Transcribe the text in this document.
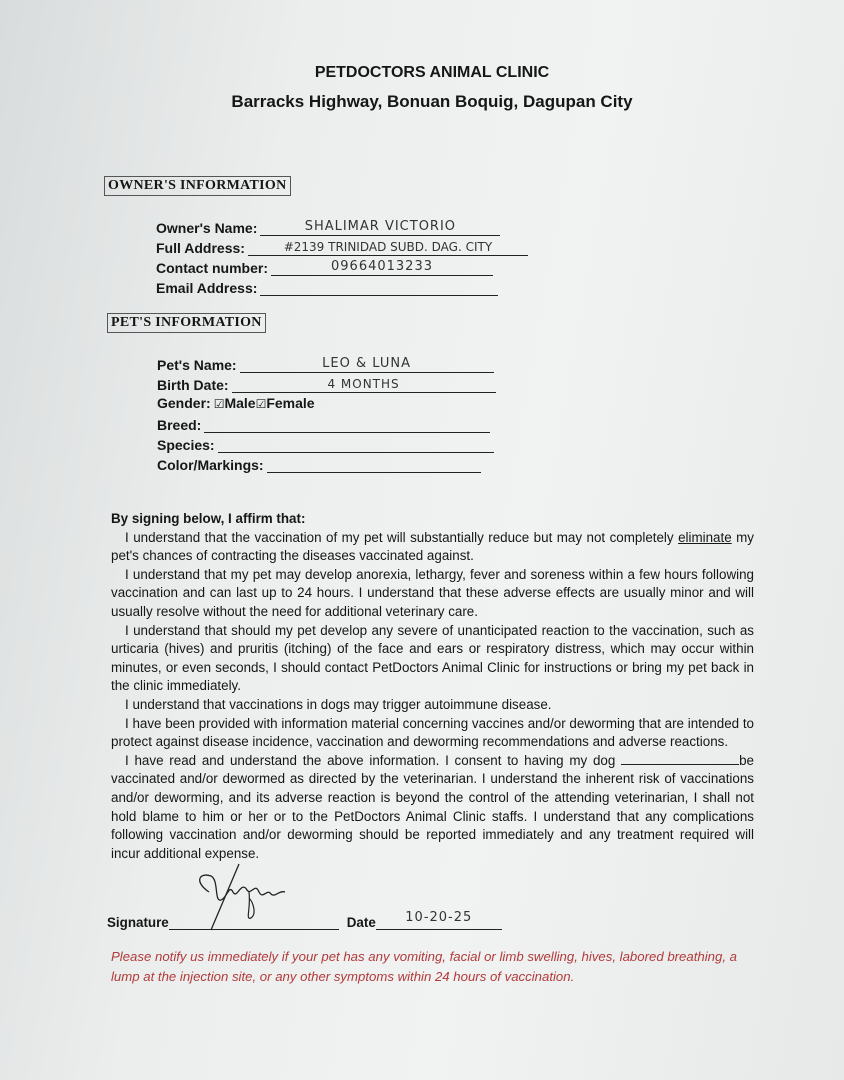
PETDOCTORS ANIMAL CLINIC
Barracks Highway, Bonuan Boquig, Dagupan City
OWNER'S INFORMATION
Owner's Name:	SHALIMAR VICTORIO
Full Address:	#2139 TRINIDAD SUBD. DAG. CITY
Contact number:	09664013233
Email Address:
PET'S INFORMATION
Pet's Name:	LEO & LUNA
Birth Date:	4 MONTHS
Gender: ☑ Male ☑ Female
Breed:
Species:
Color/Markings:

By signing below, I affirm that:

I understand that the vaccination of my pet will substantially reduce but may not completely eliminate my pet's chances of contracting the diseases vaccinated against.

I understand that my pet may develop anorexia, lethargy, fever and soreness within a few hours following vaccination and can last up to 24 hours. I understand that these adverse effects are usually minor and will usually resolve without the need for additional veterinary care.

I understand that should my pet develop any severe of unanticipated reaction to the vaccination, such as urticaria (hives) and pruritis (itching) of the face and ears or respiratory distress, which may occur within minutes, or even seconds, I should contact PetDoctors Animal Clinic for instructions or bring my pet back in the clinic immediately.

I understand that vaccinations in dogs may trigger autoimmune disease.

I have been provided with information material concerning vaccines and/or deworming that are intended to protect against disease incidence, vaccination and deworming recommendations and adverse reactions.

I have read and understand the above information. I consent to having my dog	be vaccinated and/or dewormed as directed by the veterinarian. I understand the inherent risk of vaccinations and/or deworming, and its adverse reaction is beyond the control of the attending veterinarian, I shall not hold blame to him or her or to the PetDoctors Animal Clinic staffs. I understand that any complications following vaccination and/or deworming should be reported immediately and any treatment required will incur additional expense.

Signature	Date	10-20-25
Please notify us immediately if your pet has any vomiting, facial or limb swelling, hives, labored breathing, a lump at the injection site, or any other symptoms within 24 hours of vaccination.
